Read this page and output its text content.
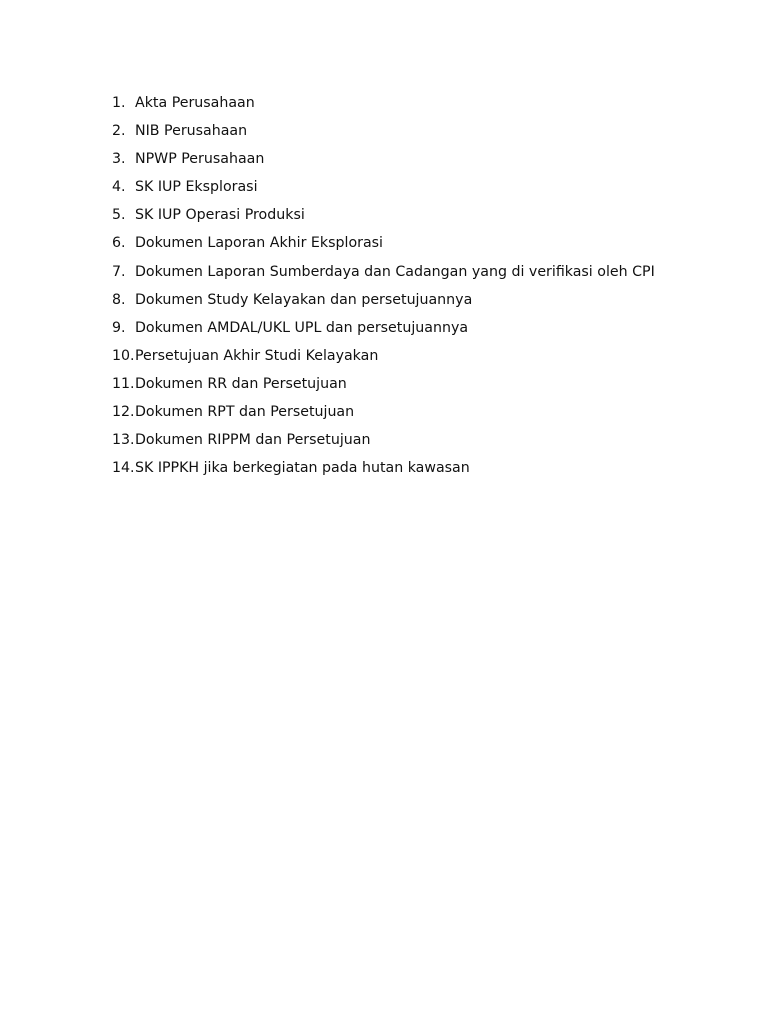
1. Akta Perusahaan
2. NIB Perusahaan
3. NPWP Perusahaan
4. SK IUP Eksplorasi
5. SK IUP Operasi Produksi
6. Dokumen Laporan Akhir Eksplorasi
7. Dokumen Laporan Sumberdaya dan Cadangan yang di verifikasi oleh CPI
8. Dokumen Study Kelayakan dan persetujuannya
9. Dokumen AMDAL/UKL UPL dan persetujuannya
10. Persetujuan Akhir Studi Kelayakan
11. Dokumen RR dan Persetujuan
12. Dokumen RPT dan Persetujuan
13. Dokumen RIPPM dan Persetujuan
14. SK IPPKH jika berkegiatan pada hutan kawasan
